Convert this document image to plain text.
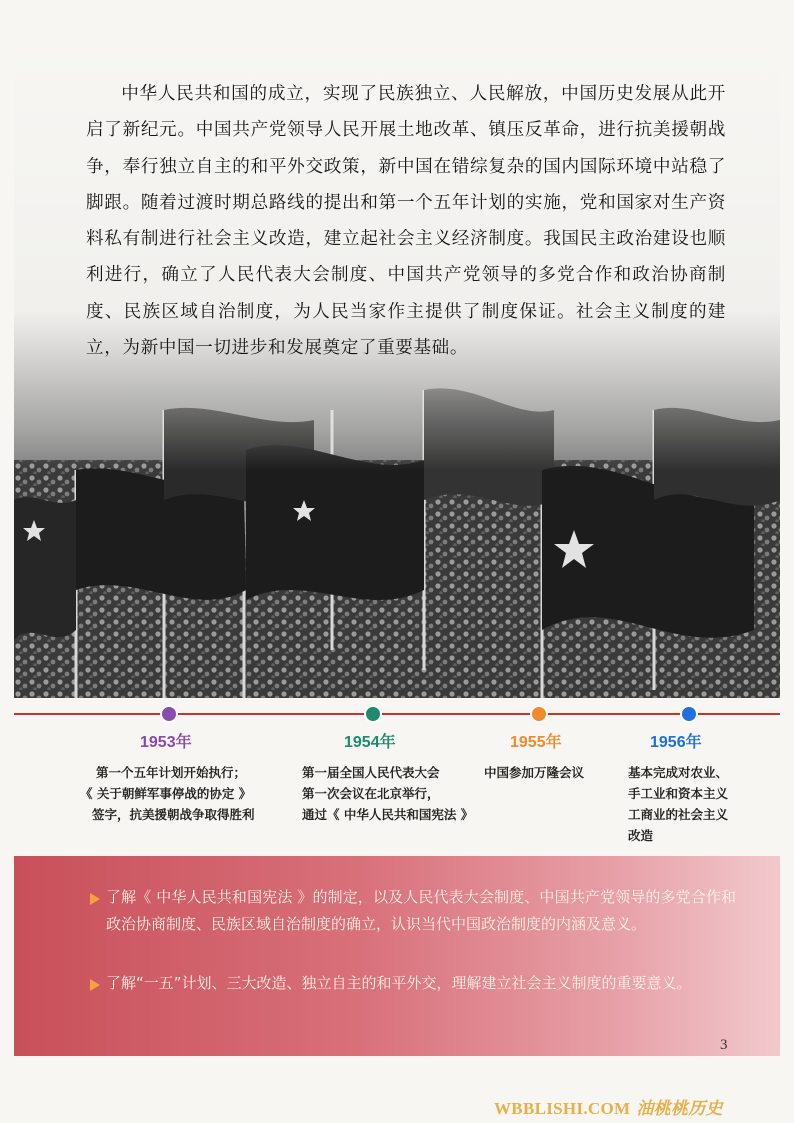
中华人民共和国的成立，实现了民族独立、人民解放，中国历史发展从此开启了新纪元。中国共产党领导人民开展土地改革、镇压反革命，进行抗美援朝战争，奉行独立自主的和平外交政策，新中国在错综复杂的国内国际环境中站稳了脚跟。随着过渡时期总路线的提出和第一个五年计划的实施，党和国家对生产资料私有制进行社会主义改造，建立起社会主义经济制度。我国民主政治建设也顺利进行，确立了人民代表大会制度、中国共产党领导的多党合作和政治协商制度、民族区域自治制度，为人民当家作主提供了制度保证。社会主义制度的建立，为新中国一切进步和发展奠定了重要基础。

1953年
第一个五年计划开始执行；
《 关于朝鲜军事停战的协定 》
签字，抗美援朝战争取得胜利
1954年
第一届全国人民代表大会
第一次会议在北京举行，
通过《 中华人民共和国宪法 》
1955年
中国参加万隆会议
1956年
基本完成对农业、
手工业和资本主义
工商业的社会主义
改造
了解《 中华人民共和国宪法 》的制定，以及人民代表大会制度、中国共产党领导的多党合作和政治协商制度、民族区域自治制度的确立，认识当代中国政治制度的内涵及意义。
了解“一五”计划、三大改造、独立自主的和平外交，理解建立社会主义制度的重要意义。
3
WBBLISHI.COM 油桃桃历史
